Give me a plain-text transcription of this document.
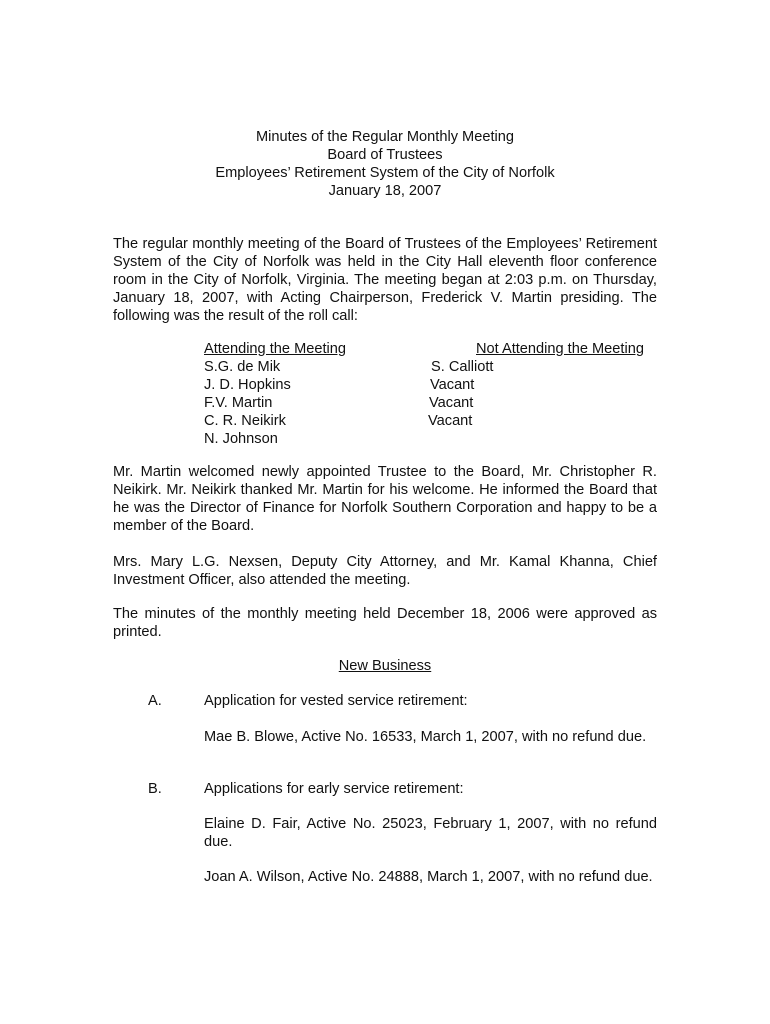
Minutes of the Regular Monthly Meeting
Board of Trustees
Employees’ Retirement System of the City of Norfolk
January 18, 2007

The regular monthly meeting of the Board of Trustees of the Employees’ Retirement System of the City of Norfolk was held in the City Hall eleventh floor conference room in the City of Norfolk, Virginia. The meeting began at 2:03 p.m. on Thursday, January 18, 2007, with Acting Chairperson, Frederick V. Martin presiding. The following was the result of the roll call:

Attending the Meeting
S.G. de Mik
J. D. Hopkins
F.V. Martin
C. R. Neikirk
N. Johnson
Not Attending the Meeting
S. Calliott
Vacant
Vacant
Vacant

Mr. Martin welcomed newly appointed Trustee to the Board, Mr. Christopher R. Neikirk. Mr. Neikirk thanked Mr. Martin for his welcome. He informed the Board that he was the Director of Finance for Norfolk Southern Corporation and happy to be a member of the Board.

Mrs. Mary L.G. Nexsen, Deputy City Attorney, and Mr. Kamal Khanna, Chief Investment Officer, also attended the meeting.

The minutes of the monthly meeting held December 18, 2006 were approved as printed.

New Business
A.	Application for vested service retirement:

Mae B. Blowe, Active No. 16533, March 1, 2007, with no refund due.

B.	Applications for early service retirement:

Elaine D. Fair, Active No. 25023, February 1, 2007, with no refund due.

Joan A. Wilson, Active No. 24888, March 1, 2007, with no refund due.
